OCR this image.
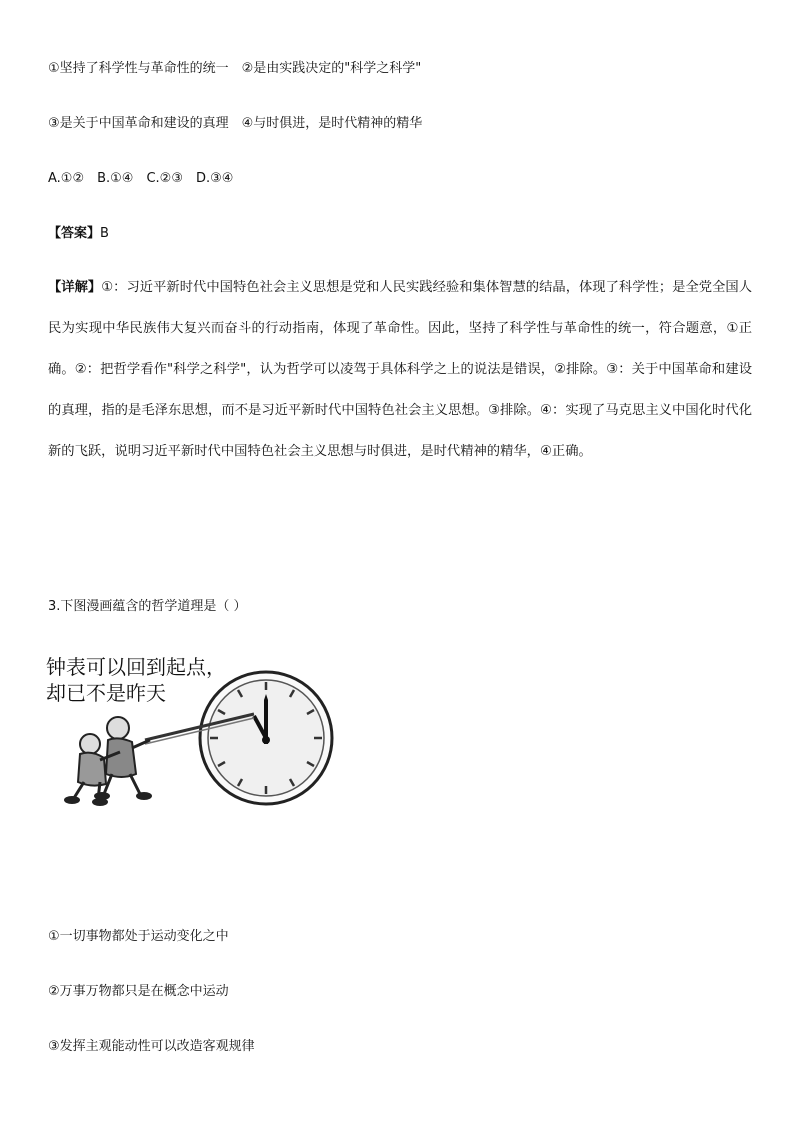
①坚持了科学性与革命性的统一　②是由实践决定的"科学之科学"
③是关于中国革命和建设的真理　④与时俱进，是时代精神的精华
A.①②　B.①④　C.②③　D.③④
【答案】B
【详解】①：习近平新时代中国特色社会主义思想是党和人民实践经验和集体智慧的结晶，体现了科学性；是全党全国人民为实现中华民族伟大复兴而奋斗的行动指南，体现了革命性。因此，坚持了科学性与革命性的统一，符合题意，①正确。②：把哲学看作"科学之科学"，认为哲学可以凌驾于具体科学之上的说法是错误，②排除。③：关于中国革命和建设的真理，指的是毛泽东思想，而不是习近平新时代中国特色社会主义思想。③排除。④：实现了马克思主义中国化时代化新的飞跃，说明习近平新时代中国特色社会主义思想与时俱进，是时代精神的精华，④正确。
3.下图漫画蕴含的哲学道理是（ ）
钟表可以回到起点，
却已不是昨天
①一切事物都处于运动变化之中
②万事万物都只是在概念中运动
③发挥主观能动性可以改造客观规律
